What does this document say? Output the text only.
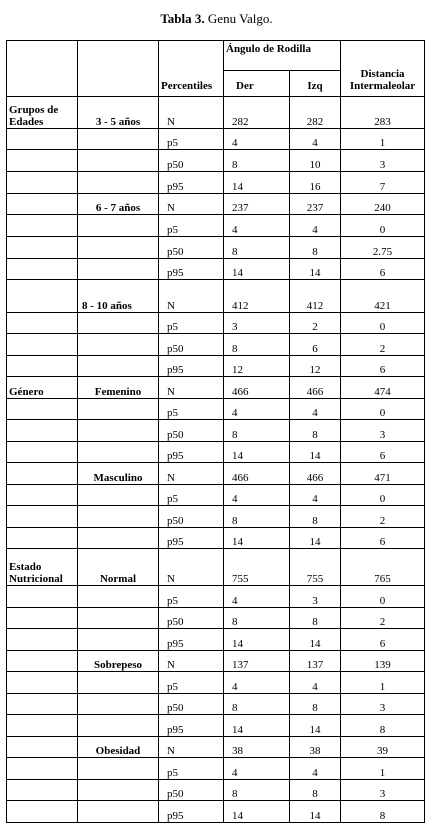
Tabla 3. Genu Valgo.
		Percentiles	Ángulo de Rodilla		Distancia Intermaleolar
			Der	Izq	
Grupos de Edades	3 - 5 años	N	282	282	283
		p5	4	4	1
		p50	8	10	3
		p95	14	16	7
	6 - 7 años	N	237	237	240
		p5	4	4	0
		p50	8	8	2.75
		p95	14	14	6
	8 - 10 años	N	412	412	421
		p5	3	2	0
		p50	8	6	2
		p95	12	12	6
Género	Femenino	N	466	466	474
		p5	4	4	0
		p50	8	8	3
		p95	14	14	6
	Masculino	N	466	466	471
		p5	4	4	0
		p50	8	8	2
		p95	14	14	6
Estado Nutricional	Normal	N	755	755	765
		p5	4	3	0
		p50	8	8	2
		p95	14	14	6
	Sobrepeso	N	137	137	139
		p5	4	4	1
		p50	8	8	3
		p95	14	14	8
	Obesidad	N	38	38	39
		p5	4	4	1
		p50	8	8	3
		p95	14	14	8
